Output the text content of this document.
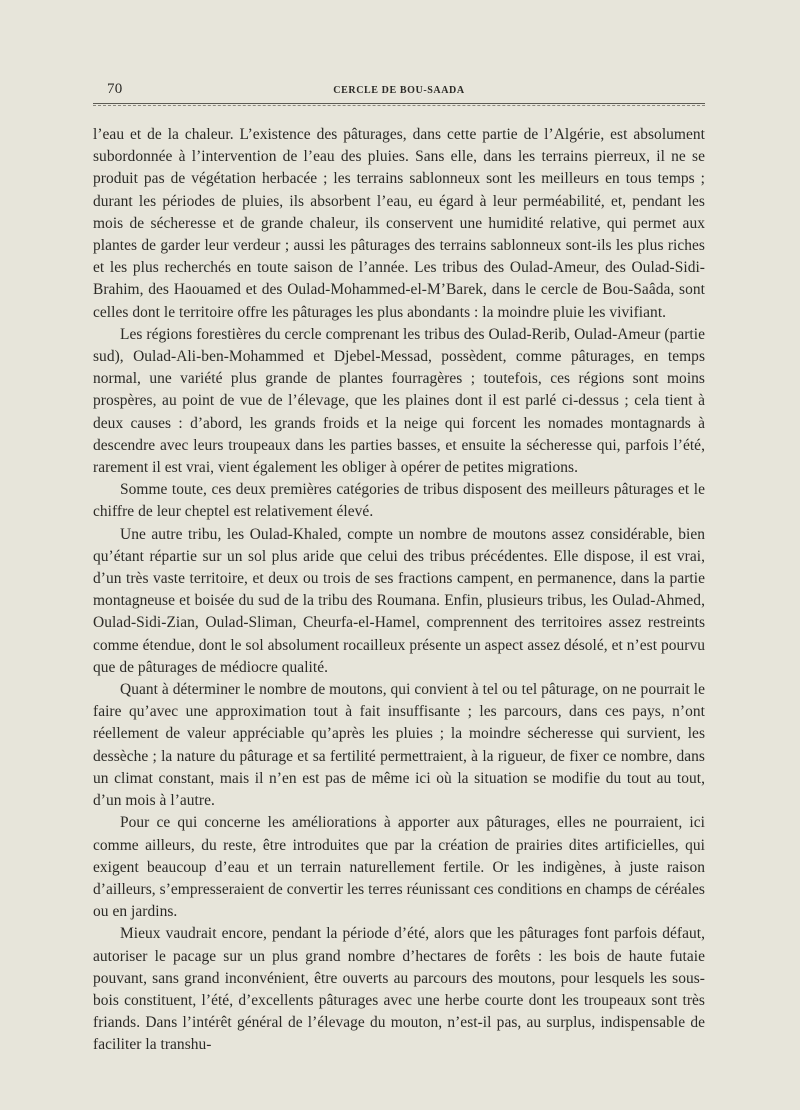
70	CERCLE DE BOU-SAADA

l’eau et de la chaleur. L’existence des pâturages, dans cette partie de l’Algérie, est absolument subordonnée à l’intervention de l’eau des pluies. Sans elle, dans les terrains pierreux, il ne se produit pas de végétation herbacée ; les terrains sablonneux sont les meilleurs en tous temps ; durant les périodes de pluies, ils absorbent l’eau, eu égard à leur perméabilité, et, pendant les mois de sécheresse et de grande chaleur, ils conservent une humidité relative, qui permet aux plantes de garder leur verdeur ; aussi les pâturages des terrains sablonneux sont-ils les plus riches et les plus recherchés en toute saison de l’année. Les tribus des Oulad-Ameur, des Oulad-Sidi-Brahim, des Haouamed et des Oulad-Mohammed-el-M’Barek, dans le cercle de Bou-Saâda, sont celles dont le territoire offre les pâturages les plus abondants : la moindre pluie les vivifiant.

Les régions forestières du cercle comprenant les tribus des Oulad-Rerib, Oulad-Ameur (partie sud), Oulad-Ali-ben-Mohammed et Djebel-Messad, possèdent, comme pâturages, en temps normal, une variété plus grande de plantes fourragères ; toutefois, ces régions sont moins prospères, au point de vue de l’élevage, que les plaines dont il est parlé ci-dessus ; cela tient à deux causes : d’abord, les grands froids et la neige qui forcent les nomades montagnards à descendre avec leurs troupeaux dans les parties basses, et ensuite la sécheresse qui, parfois l’été, rarement il est vrai, vient également les obliger à opérer de petites migrations.

Somme toute, ces deux premières catégories de tribus disposent des meilleurs pâturages et le chiffre de leur cheptel est relativement élevé.

Une autre tribu, les Oulad-Khaled, compte un nombre de moutons assez considérable, bien qu’étant répartie sur un sol plus aride que celui des tribus précédentes. Elle dispose, il est vrai, d’un très vaste territoire, et deux ou trois de ses fractions campent, en permanence, dans la partie montagneuse et boisée du sud de la tribu des Roumana. Enfin, plusieurs tribus, les Oulad-Ahmed, Oulad-Sidi-Zian, Oulad-Sliman, Cheurfa-el-Hamel, comprennent des territoires assez restreints comme étendue, dont le sol absolument rocailleux présente un aspect assez désolé, et n’est pourvu que de pâturages de médiocre qualité.

Quant à déterminer le nombre de moutons, qui convient à tel ou tel pâturage, on ne pourrait le faire qu’avec une approximation tout à fait insuffisante ; les parcours, dans ces pays, n’ont réellement de valeur appréciable qu’après les pluies ; la moindre sécheresse qui survient, les dessèche ; la nature du pâturage et sa fertilité permettraient, à la rigueur, de fixer ce nombre, dans un climat constant, mais il n’en est pas de même ici où la situation se modifie du tout au tout, d’un mois à l’autre.

Pour ce qui concerne les améliorations à apporter aux pâturages, elles ne pourraient, ici comme ailleurs, du reste, être introduites que par la création de prairies dites artificielles, qui exigent beaucoup d’eau et un terrain naturellement fertile. Or les indigènes, à juste raison d’ailleurs, s’empresseraient de convertir les terres réunissant ces conditions en champs de céréales ou en jardins.

Mieux vaudrait encore, pendant la période d’été, alors que les pâturages font parfois défaut, autoriser le pacage sur un plus grand nombre d’hectares de forêts : les bois de haute futaie pouvant, sans grand inconvénient, être ouverts au parcours des moutons, pour lesquels les sous-bois constituent, l’été, d’excellents pâturages avec une herbe courte dont les troupeaux sont très friands. Dans l’intérêt général de l’élevage du mouton, n’est-il pas, au surplus, indispensable de faciliter la transhu-
